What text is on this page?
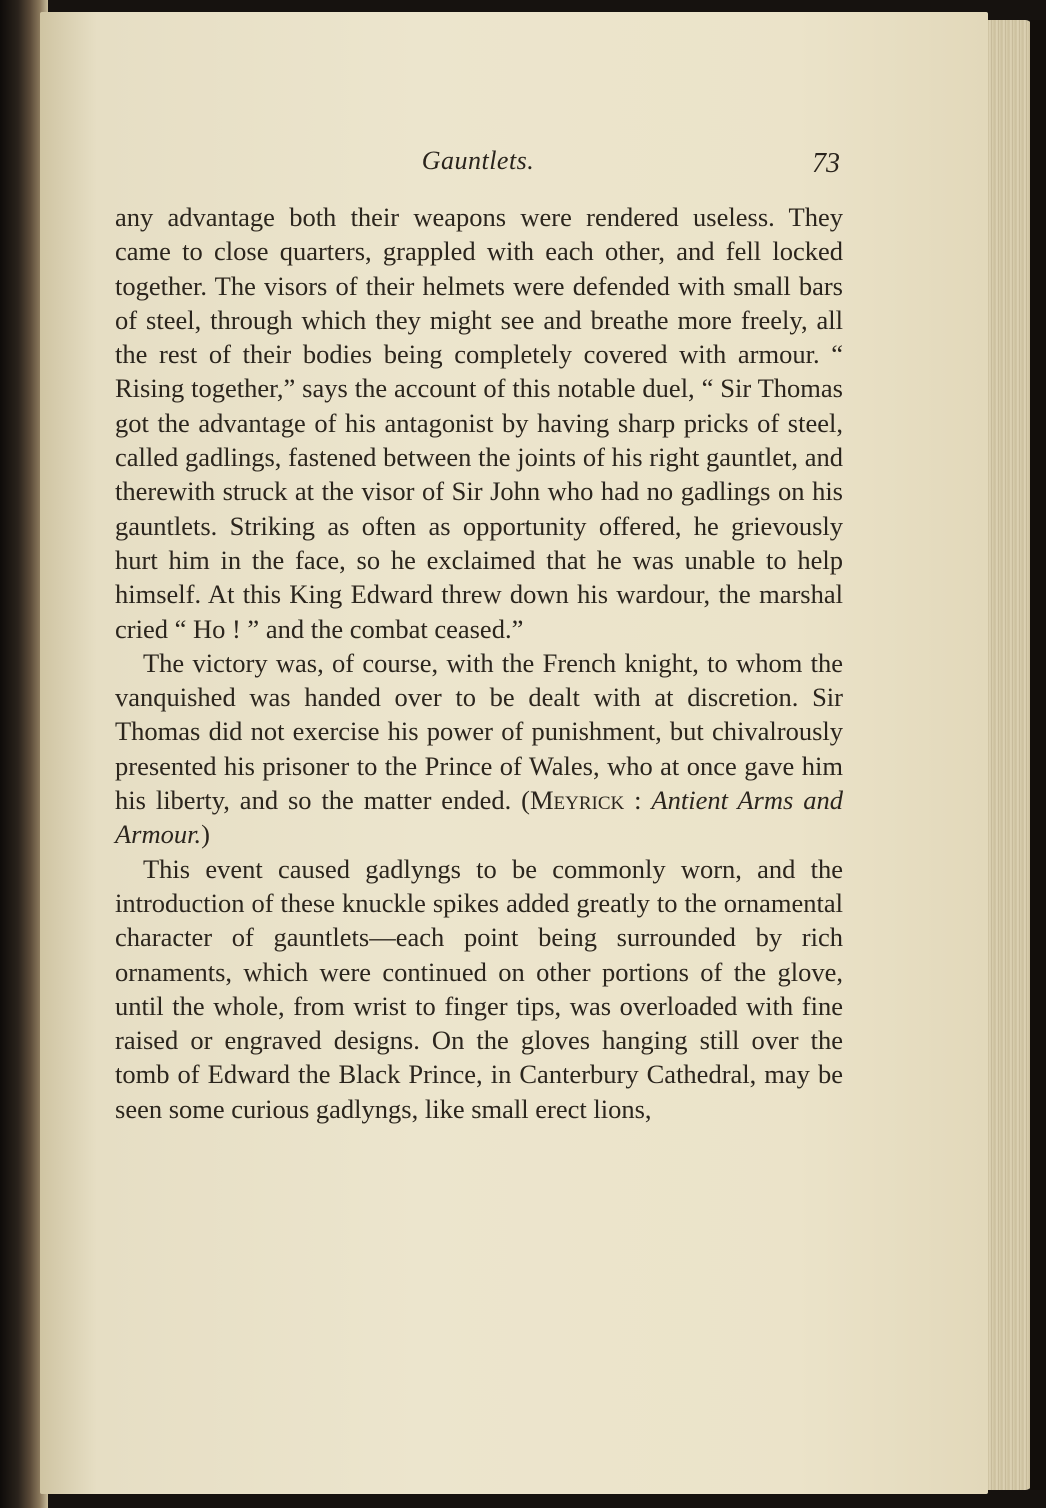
Gauntlets.	73

any advantage both their weapons were rendered useless. They came to close quarters, grappled with each other, and fell locked together. The visors of their helmets were defended with small bars of steel, through which they might see and breathe more freely, all the rest of their bodies being completely covered with armour. “ Rising together,” says the account of this notable duel, “ Sir Thomas got the advantage of his antagonist by having sharp pricks of steel, called gadlings, fastened between the joints of his right gauntlet, and therewith struck at the visor of Sir John who had no gadlings on his gauntlets. Striking as often as opportunity offered, he grievously hurt him in the face, so he exclaimed that he was unable to help himself. At this King Edward threw down his wardour, the marshal cried “ Ho ! ” and the combat ceased.”

The victory was, of course, with the French knight, to whom the vanquished was handed over to be dealt with at discretion. Sir Thomas did not exercise his power of punishment, but chivalrously presented his prisoner to the Prince of Wales, who at once gave him his liberty, and so the matter ended. (Meyrick : Antient Arms and Armour.)

This event caused gadlyngs to be commonly worn, and the introduction of these knuckle spikes added greatly to the ornamental character of gauntlets—each point being surrounded by rich ornaments, which were continued on other portions of the glove, until the whole, from wrist to finger tips, was overloaded with fine raised or engraved designs. On the gloves hanging still over the tomb of Edward the Black Prince, in Canterbury Cathedral, may be seen some curious gadlyngs, like small erect lions,
